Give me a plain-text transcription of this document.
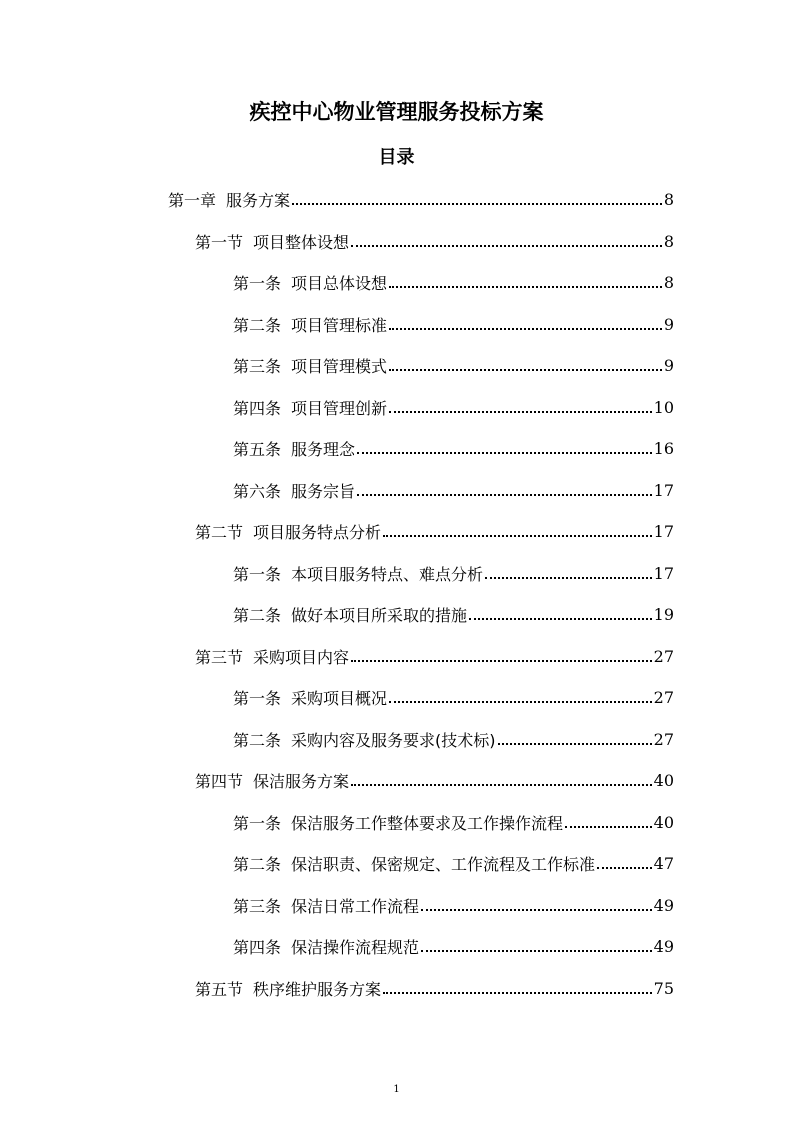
疾控中心物业管理服务投标方案
目录
第一章 服务方案	8
第一节 项目整体设想	8
第一条 项目总体设想	8
第二条 项目管理标准	9
第三条 项目管理模式	9
第四条 项目管理创新	10
第五条 服务理念	16
第六条 服务宗旨	17
第二节 项目服务特点分析	17
第一条 本项目服务特点、难点分析	17
第二条 做好本项目所采取的措施	19
第三节 采购项目内容	27
第一条 采购项目概况	27
第二条 采购内容及服务要求(技术标)	27
第四节 保洁服务方案	40
第一条 保洁服务工作整体要求及工作操作流程	40
第二条 保洁职责、保密规定、工作流程及工作标准	47
第三条 保洁日常工作流程	49
第四条 保洁操作流程规范	49
第五节 秩序维护服务方案	75
1
